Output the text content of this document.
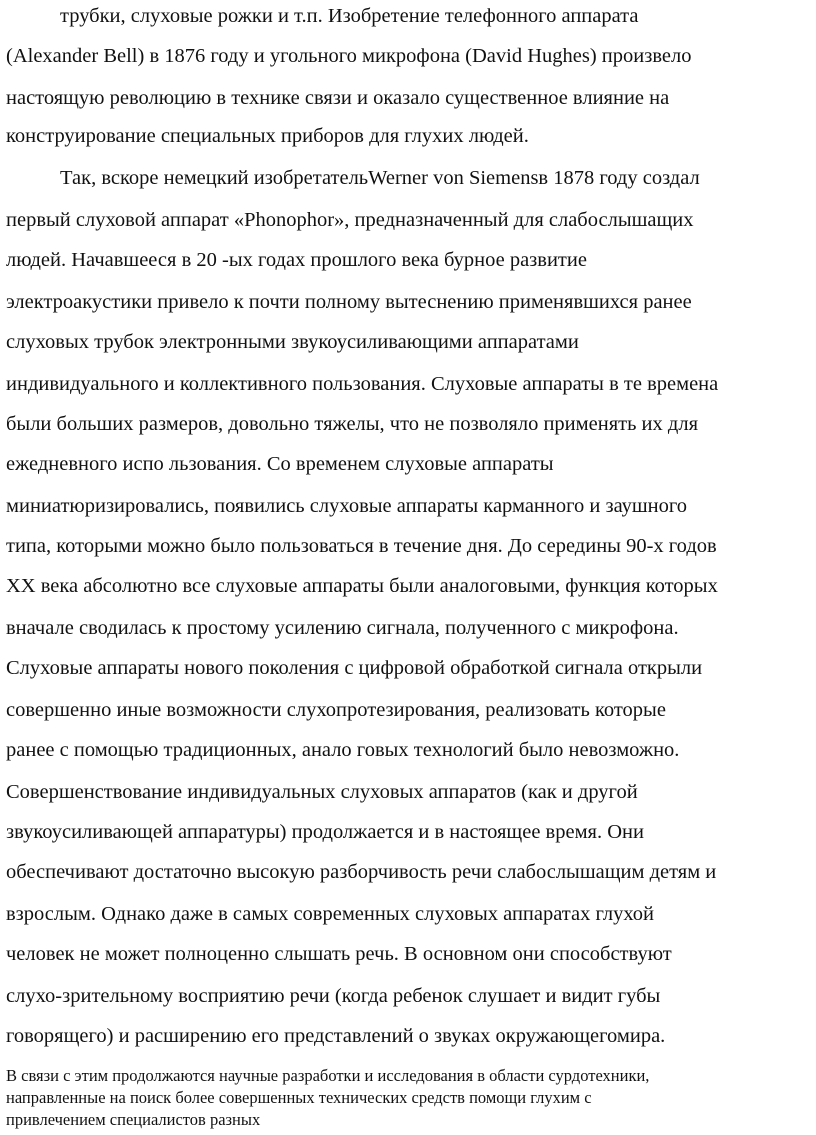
трубки, слуховые рожки и т.п. Изобретение телефонного аппарата
(Alexander Bell) в 1876 году и угольного микрофона (David Hughes) произвело
настоящую революцию в технике связи и оказало существенное влияние на
конструирование специальных приборов для глухих людей.
Так, вскоре немецкий изобретательWerner von Siemensв 1878 году создал
первый слуховой аппарат «Phonophor», предназначенный для слабослышащих
людей. Начавшееся в 20 -ых годах прошлого века бурное развитие
электроакустики привело к почти полному вытеснению применявшихся ранее
слуховых трубок электронными звукоусиливающими аппаратами
индивидуального и коллективного пользования. Слуховые аппараты в те времена
были больших размеров, довольно тяжелы, что не позволяло применять их для
ежедневного испо льзования. Со временем слуховые аппараты
миниатюризировались, появились слуховые аппараты карманного и заушного
типа, которыми можно было пользоваться в течение дня. До середины 90-х годов
XX века абсолютно все слуховые аппараты были аналоговыми, функция которых
вначале сводилась к простому усилению сигнала, полученного с микрофона.
Слуховые аппараты нового поколения с цифровой обработкой сигнала открыли
совершенно иные возможности слухопротезирования, реализовать которые
ранее с помощью традиционных, анало говых технологий было невозможно.
Совершенствование индивидуальных слуховых аппаратов (как и другой
звукоусиливающей аппаратуры) продолжается и в настоящее время. Они
обеспечивают достаточно высокую разборчивость речи слабослышащим детям и
взрослым. Однако даже в самых современных слуховых аппаратах глухой
человек не может полноценно слышать речь. В основном они способствуют
слухо-зрительному восприятию речи (когда ребенок слушает и видит губы
говорящего) и расширению его представлений о звуках окружающегомира.
В связи с этим продолжаются научные разработки и исследования в области сурдотехники,
направленные на поиск более совершенных технических средств помощи глухим с
привлечением специалистов разных
